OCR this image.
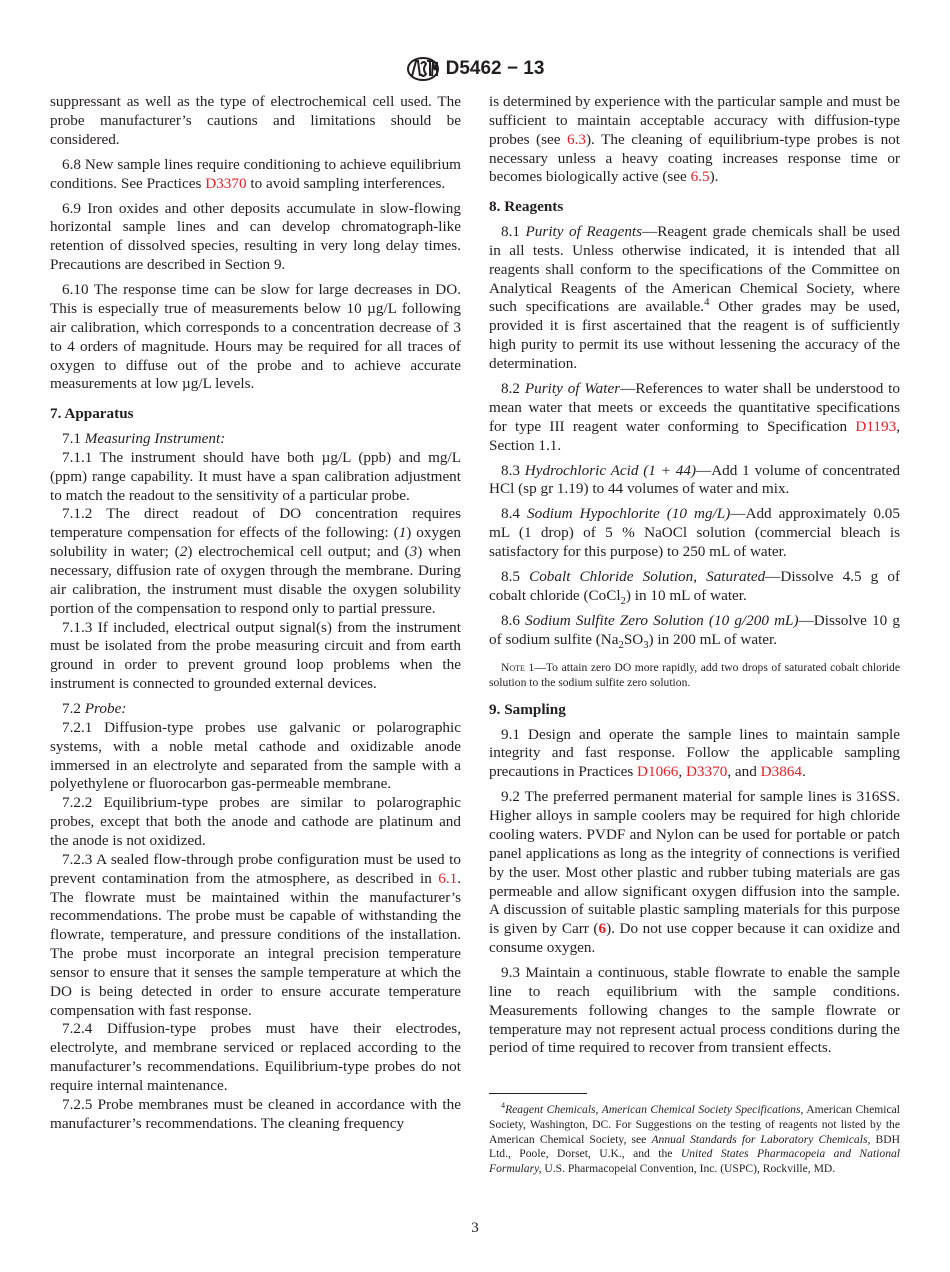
D5462 − 13

suppressant as well as the type of electrochemical cell used. The probe manufacturer’s cautions and limitations should be considered.

6.8 New sample lines require conditioning to achieve equilibrium conditions. See Practices D3370 to avoid sampling interferences.

6.9 Iron oxides and other deposits accumulate in slow-flowing horizontal sample lines and can develop chromatograph-like retention of dissolved species, resulting in very long delay times. Precautions are described in Section 9.

6.10 The response time can be slow for large decreases in DO. This is especially true of measurements below 10 µg/L following air calibration, which corresponds to a concentration decrease of 3 to 4 orders of magnitude. Hours may be required for all traces of oxygen to diffuse out of the probe and to achieve accurate measurements at low µg/L levels.

7. Apparatus

7.1 Measuring Instrument:

7.1.1 The instrument should have both µg/L (ppb) and mg/L (ppm) range capability. It must have a span calibration adjustment to match the readout to the sensitivity of a particular probe.

7.1.2 The direct readout of DO concentration requires temperature compensation for effects of the following: (1) oxygen solubility in water; (2) electrochemical cell output; and (3) when necessary, diffusion rate of oxygen through the membrane. During air calibration, the instrument must disable the oxygen solubility portion of the compensation to respond only to partial pressure.

7.1.3 If included, electrical output signal(s) from the instrument must be isolated from the probe measuring circuit and from earth ground in order to prevent ground loop problems when the instrument is connected to grounded external devices.

7.2 Probe:

7.2.1 Diffusion-type probes use galvanic or polarographic systems, with a noble metal cathode and oxidizable anode immersed in an electrolyte and separated from the sample with a polyethylene or fluorocarbon gas-permeable membrane.

7.2.2 Equilibrium-type probes are similar to polarographic probes, except that both the anode and cathode are platinum and the anode is not oxidized.

7.2.3 A sealed flow-through probe configuration must be used to prevent contamination from the atmosphere, as described in 6.1. The flowrate must be maintained within the manufacturer’s recommendations. The probe must be capable of withstanding the flowrate, temperature, and pressure conditions of the installation. The probe must incorporate an integral precision temperature sensor to ensure that it senses the sample temperature at which the DO is being detected in order to ensure accurate temperature compensation with fast response.

7.2.4 Diffusion-type probes must have their electrodes, electrolyte, and membrane serviced or replaced according to the manufacturer’s recommendations. Equilibrium-type probes do not require internal maintenance.

7.2.5 Probe membranes must be cleaned in accordance with the manufacturer’s recommendations. The cleaning frequency

is determined by experience with the particular sample and must be sufficient to maintain acceptable accuracy with diffusion-type probes (see 6.3). The cleaning of equilibrium-type probes is not necessary unless a heavy coating increases response time or becomes biologically active (see 6.5).

8. Reagents

8.1 Purity of Reagents—Reagent grade chemicals shall be used in all tests. Unless otherwise indicated, it is intended that all reagents shall conform to the specifications of the Committee on Analytical Reagents of the American Chemical Society, where such specifications are available.$^4$ Other grades may be used, provided it is first ascertained that the reagent is of sufficiently high purity to permit its use without lessening the accuracy of the determination.

8.2 Purity of Water—References to water shall be understood to mean water that meets or exceeds the quantitative specifications for type III reagent water conforming to Specification D1193, Section 1.1.

8.3 Hydrochloric Acid (1 + 44)—Add 1 volume of concentrated HCl (sp gr 1.19) to 44 volumes of water and mix.

8.4 Sodium Hypochlorite (10 mg/L)—Add approximately 0.05 mL (1 drop) of 5 % NaOCl solution (commercial bleach is satisfactory for this purpose) to 250 mL of water.

8.5 Cobalt Chloride Solution, Saturated—Dissolve 4.5 g of cobalt chloride (CoCl$_2$) in 10 mL of water.

8.6 Sodium Sulfite Zero Solution (10 g/200 mL)—Dissolve 10 g of sodium sulfite $(Na_2SO_3)$ in 200 mL of water.

Note 1—To attain zero DO more rapidly, add two drops of saturated cobalt chloride solution to the sodium sulfite zero solution.

9. Sampling

9.1 Design and operate the sample lines to maintain sample integrity and fast response. Follow the applicable sampling precautions in Practices D1066, D3370, and D3864.

9.2 The preferred permanent material for sample lines is 316SS. Higher alloys in sample coolers may be required for high chloride cooling waters. PVDF and Nylon can be used for portable or patch panel applications as long as the integrity of connections is verified by the user. Most other plastic and rubber tubing materials are gas permeable and allow significant oxygen diffusion into the sample. A discussion of suitable plastic sampling materials for this purpose is given by Carr (6). Do not use copper because it can oxidize and consume oxygen.

9.3 Maintain a continuous, stable flowrate to enable the sample line to reach equilibrium with the sample conditions. Measurements following changes to the sample flowrate or temperature may not represent actual process conditions during the period of time required to recover from transient effects.

$^4$Reagent Chemicals, American Chemical Society Specifications, American Chemical Society, Washington, DC. For Suggestions on the testing of reagents not listed by the American Chemical Society, see Annual Standards for Laboratory Chemicals, BDH Ltd., Poole, Dorset, U.K., and the United States Pharmacopeia and National Formulary, U.S. Pharmacopeial Convention, Inc. (USPC), Rockville, MD.
3
